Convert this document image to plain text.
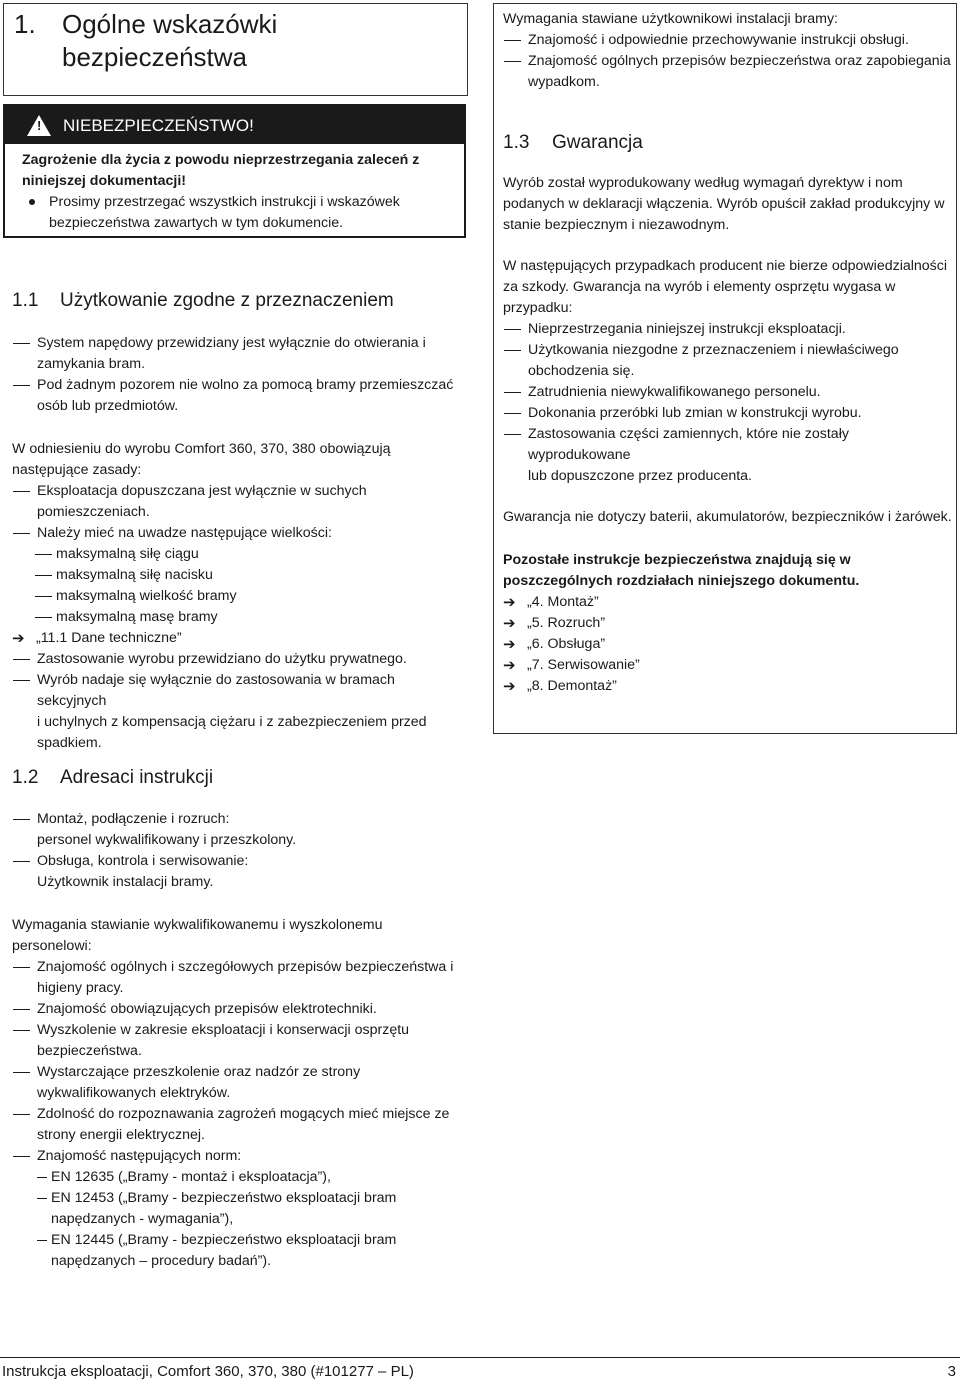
1. Ogólne wskazówki
bezpieczeństwa
! NIEBEZPIECZEŃSTWO!

Zagrożenie dla życia z powodu nieprzestrzegania zaleceń z

niniejszej dokumentacji!

Prosimy przestrzegać wszystkich instrukcji i wskazówek

bezpieczeństwa zawartych w tym dokumencie.

1.1 Użytkowanie zgodne z przeznaczeniem
System napędowy przewidziany jest wyłącznie do otwierania i
zamykania bram.
Pod żadnym pozorem nie wolno za pomocą bramy przemieszczać
osób lub przedmiotów.

W odniesieniu do wyrobu Comfort 360, 370, 380 obowiązują

następujące zasady:

Eksploatacja dopuszczana jest wyłącznie w suchych
pomieszczeniach.
Należy mieć na uwadze następujące wielkości:
maksymalną siłę ciągu
maksymalną siłę nacisku
maksymalną wielkość bramy
maksymalną masę bramy
➔ „11.1 Dane techniczne”
Zastosowanie wyrobu przewidziano do użytku prywatnego.
Wyrób nadaje się wyłącznie do zastosowania w bramach sekcyjnych
i uchylnych z kompensacją ciężaru i z zabezpieczeniem przed
spadkiem.
1.2 Adresaci instrukcji
Montaż, podłączenie i rozruch:
personel wykwalifikowany i przeszkolony.
Obsługa, kontrola i serwisowanie:
Użytkownik instalacji bramy.

Wymagania stawianie wykwalifikowanemu i wyszkolonemu

personelowi:

Znajomość ogólnych i szczegółowych przepisów bezpieczeństwa i
higieny pracy.
Znajomość obowiązujących przepisów elektrotechniki.
Wyszkolenie w zakresie eksploatacji i konserwacji osprzętu
bezpieczeństwa.
Wystarczające przeszkolenie oraz nadzór ze strony
wykwalifikowanych elektryków.
Zdolność do rozpoznawania zagrożeń mogących mieć miejsce ze
strony energii elektrycznej.
Znajomość następujących norm:
EN 12635 („Bramy - montaż i eksploatacja”),
EN 12453 („Bramy - bezpieczeństwo eksploatacji bram
napędzanych - wymagania”),
EN 12445 („Bramy - bezpieczeństwo eksploatacji bram
napędzanych – procedury badań”).

Wymagania stawiane użytkownikowi instalacji bramy:

Znajomość i odpowiednie przechowywanie instrukcji obsługi.
Znajomość ogólnych przepisów bezpieczeństwa oraz zapobiegania
wypadkom.
1.3 Gwarancja

Wyrób został wyprodukowany według wymagań dyrektyw i nom

podanych w deklaracji włączenia. Wyrób opuścił zakład produkcyjny w

stanie bezpiecznym i niezawodnym.

W następujących przypadkach producent nie bierze odpowiedzialności

za szkody. Gwarancja na wyrób i elementy osprzętu wygasa w

przypadku:

Nieprzestrzegania niniejszej instrukcji eksploatacji.
Użytkowania niezgodne z przeznaczeniem i niewłaściwego
obchodzenia się.
Zatrudnienia niewykwalifikowanego personelu.
Dokonania przeróbki lub zmian w konstrukcji wyrobu.
Zastosowania części zamiennych, które nie zostały wyprodukowane
lub dopuszczone przez producenta.

Gwarancja nie dotyczy baterii, akumulatorów, bezpieczników i żarówek.

Pozostałe instrukcje bezpieczeństwa znajdują się w

poszczególnych rozdziałach niniejszego dokumentu.

➔ „4. Montaż”
➔ „5. Rozruch”
➔ „6. Obsługa”
➔ „7. Serwisowanie”
➔ „8. Demontaż”
Instrukcja eksploatacji, Comfort 360, 370, 380 (#101277 – PL)	3
